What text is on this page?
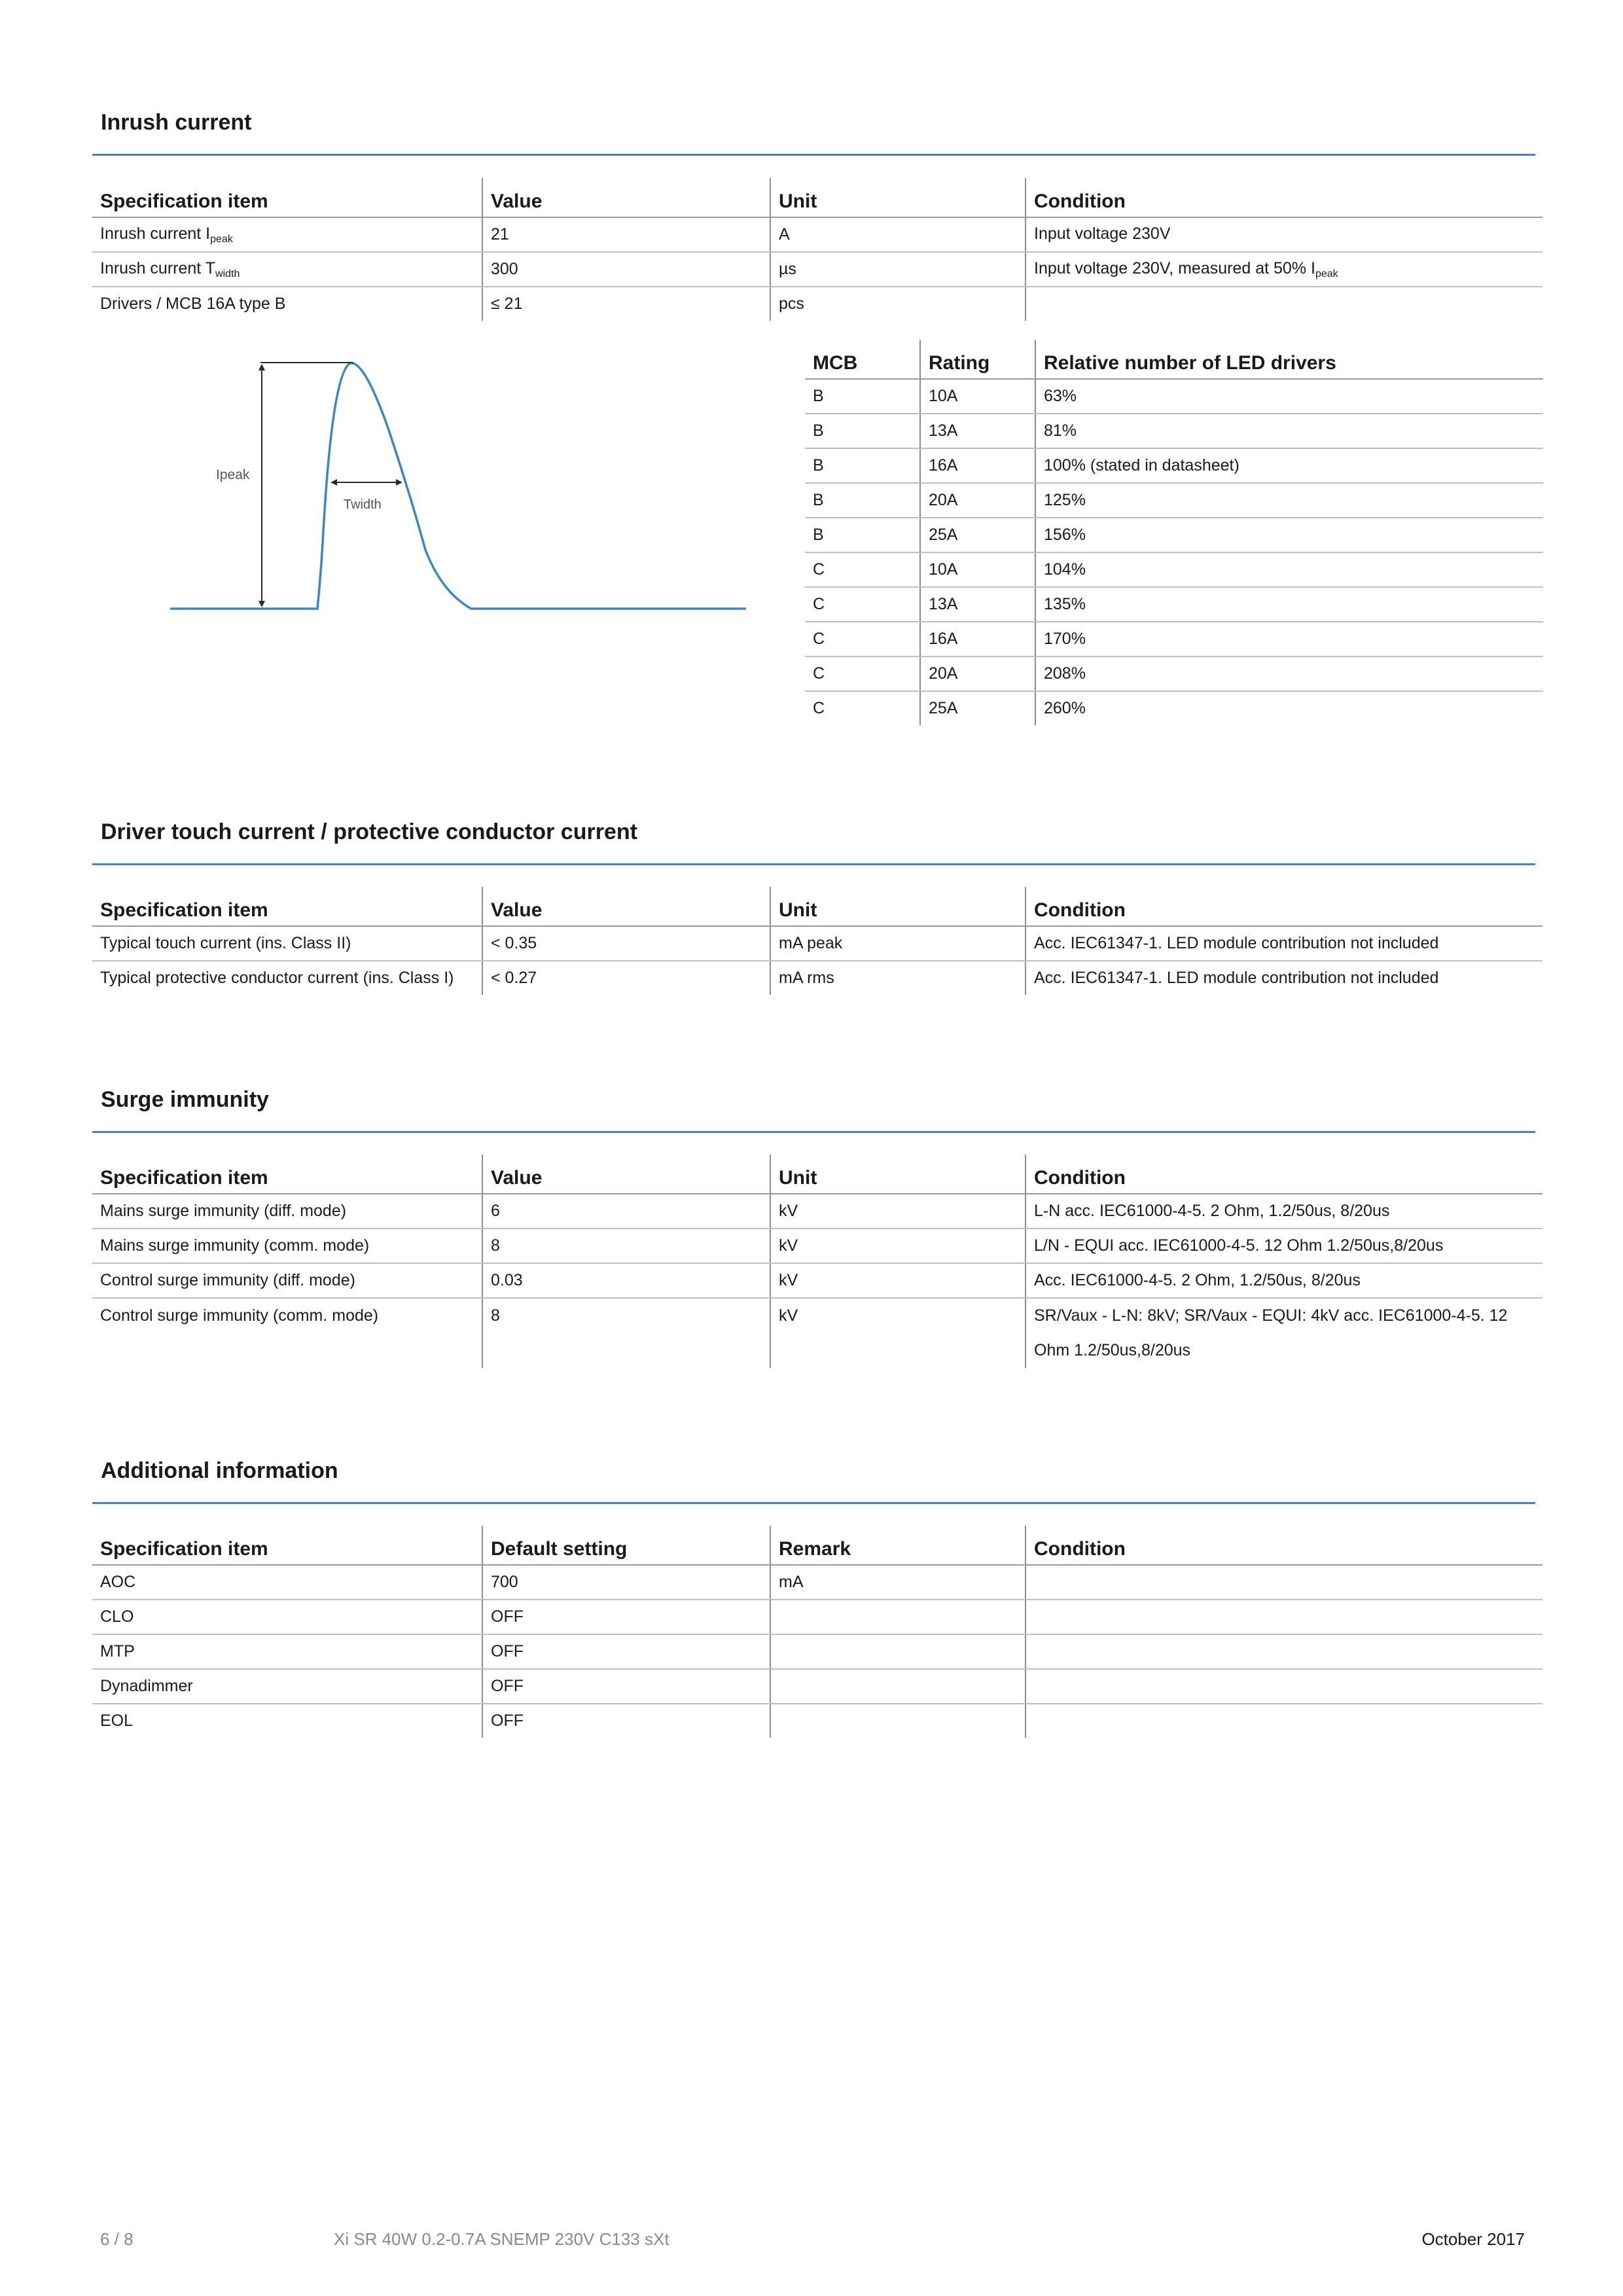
Inrush current
Specification item	Value	Unit	Condition
Inrush current $I_{peak}$	21	A	Input voltage 230V
Inrush current $T_{width}$	300	µs	Input voltage 230V, measured at 50% $I_{peak}$
Drivers / MCB 16A type B	≤ 21	pcs	
Ipeak
Twidth
MCB	Rating	Relative number of LED drivers
B	10A	63%
B	13A	81%
B	16A	100% (stated in datasheet)
B	20A	125%
B	25A	156%
C	10A	104%
C	13A	135%
C	16A	170%
C	20A	208%
C	25A	260%
Driver touch current / protective conductor current
Specification item	Value	Unit	Condition
Typical touch current (ins. Class II)	< 0.35	mA peak	Acc. IEC61347-1. LED module contribution not included
Typical protective conductor current (ins. Class I)	< 0.27	mA rms	Acc. IEC61347-1. LED module contribution not included
Surge immunity
Specification item	Value	Unit	Condition
Mains surge immunity (diff. mode)	6	kV	L-N acc. IEC61000-4-5. 2 Ohm, 1.2/50us, 8/20us
Mains surge immunity (comm. mode)	8	kV	L/N - EQUI acc. IEC61000-4-5. 12 Ohm 1.2/50us,8/20us
Control surge immunity (diff. mode)	0.03	kV	Acc. IEC61000-4-5. 2 Ohm, 1.2/50us, 8/20us
Control surge immunity (comm. mode)	8	kV	SR/Vaux - L-N: 8kV; SR/Vaux - EQUI: 4kV acc. IEC61000-4-5. 12 Ohm 1.2/50us,8/20us
Additional information
Specification item	Default setting	Remark	Condition
AOC	700	mA	
CLO	OFF		
MTP	OFF		
Dynadimmer	OFF		
EOL	OFF		
6 / 8	Xi SR 40W 0.2-0.7A SNEMP 230V C133 sXt	October 2017
